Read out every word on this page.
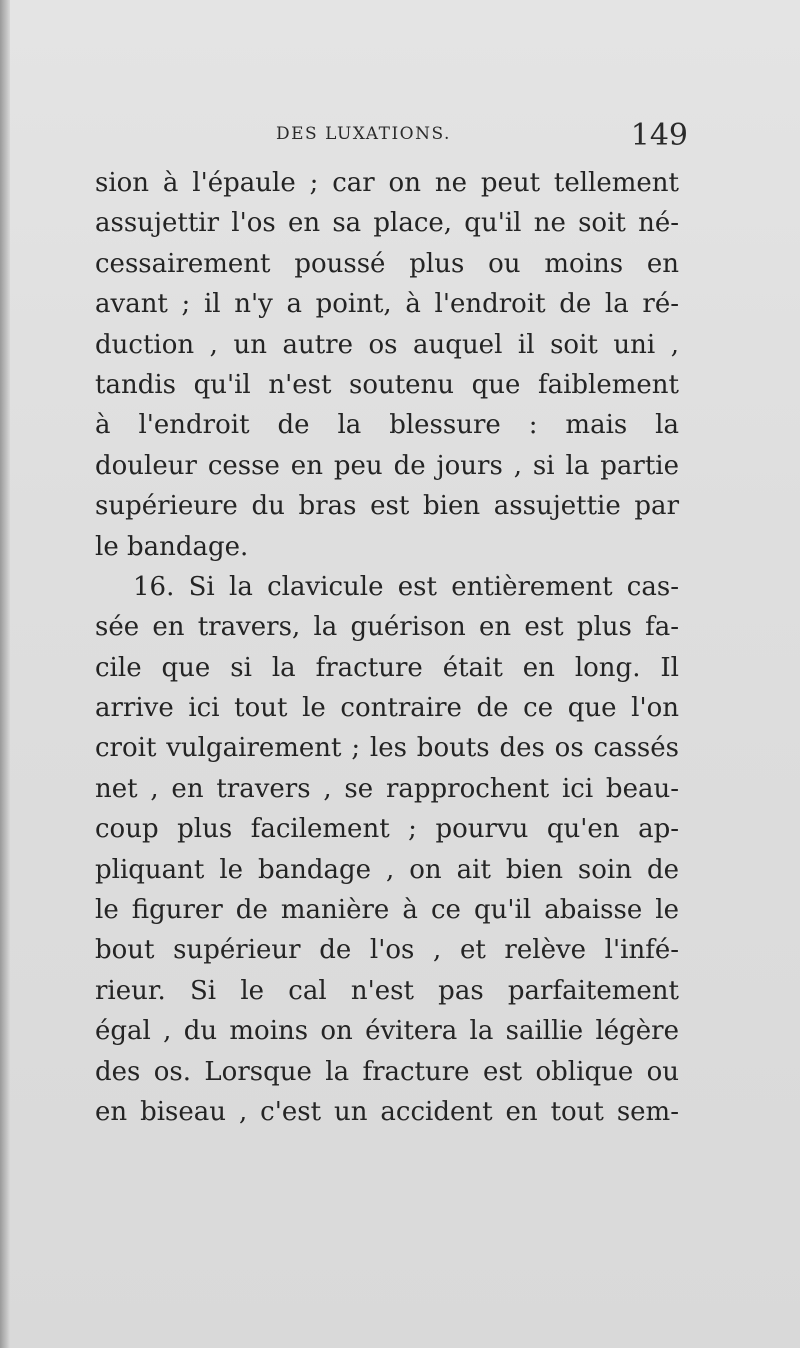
DES LUXATIONS.	149
sion à l'épaule ; car on ne peut tellement
assujettir l'os en sa place, qu'il ne soit né-
cessairement poussé plus ou moins en
avant ; il n'y a point, à l'endroit de la ré-
duction , un autre os auquel il soit uni ,
tandis qu'il n'est soutenu que faiblement
à l'endroit de la blessure : mais la
douleur cesse en peu de jours , si la partie
supérieure du bras est bien assujettie par
le bandage.
16. Si la clavicule est entièrement cas-
sée en travers, la guérison en est plus fa-
cile que si la fracture était en long. Il
arrive ici tout le contraire de ce que l'on
croit vulgairement ; les bouts des os cassés
net , en travers , se rapprochent ici beau-
coup plus facilement ; pourvu qu'en ap-
pliquant le bandage , on ait bien soin de
le figurer de manière à ce qu'il abaisse le
bout supérieur de l'os , et relève l'infé-
rieur. Si le cal n'est pas parfaitement
égal , du moins on évitera la saillie légère
des os. Lorsque la fracture est oblique ou
en biseau , c'est un accident en tout sem-
